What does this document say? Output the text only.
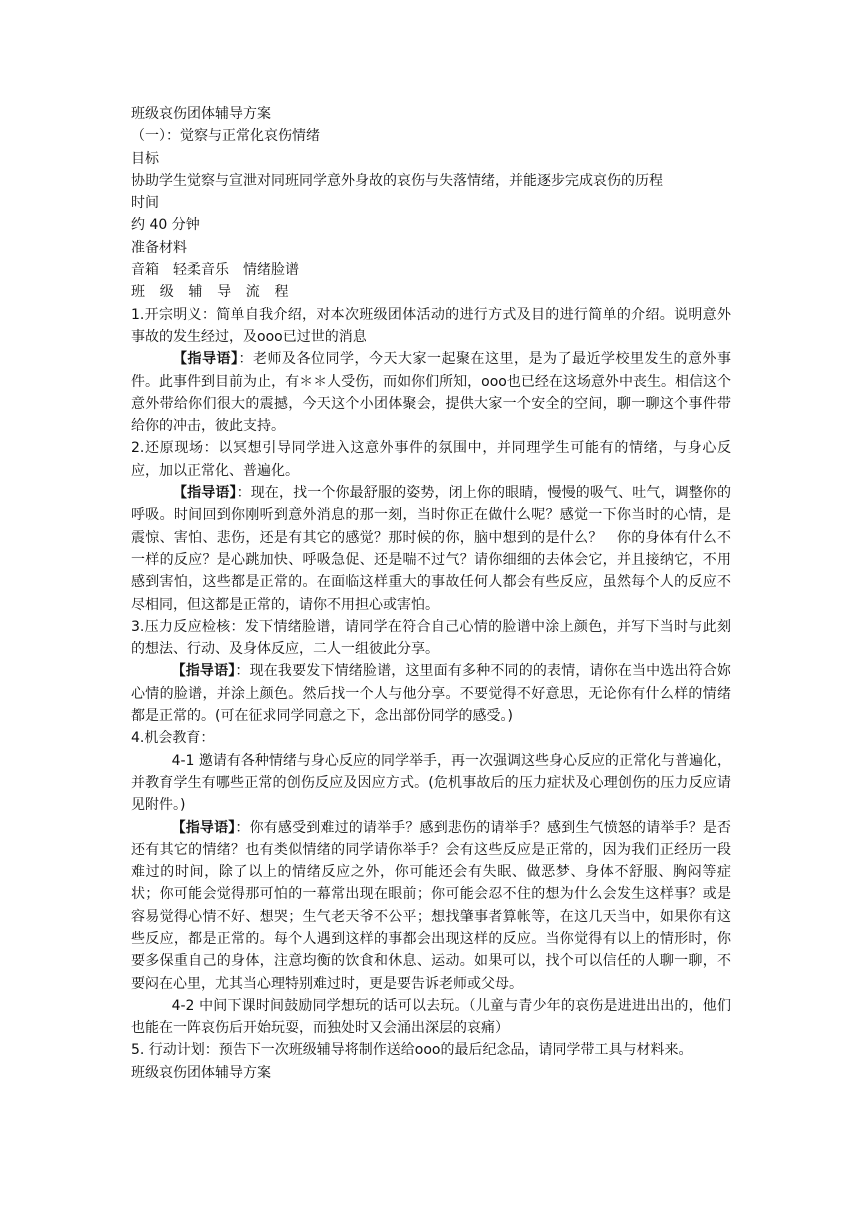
班级哀伤团体辅导方案

（一）：觉察与正常化哀伤情绪

目标

协助学生觉察与宣泄对同班同学意外身故的哀伤与失落情绪，并能逐步完成哀伤的历程

时间

约 40 分钟

准备材料

音箱　轻柔音乐　情绪脸谱

班级辅导流程

1.开宗明义：简单自我介绍，对本次班级团体活动的进行方式及目的进行简单的介绍。说明意外事故的发生经过，及ooo已过世的消息

【指导语】：老师及各位同学，今天大家一起聚在这里，是为了最近学校里发生的意外事件。此事件到目前为止，有＊＊人受伤，而如你们所知，ooo也已经在这场意外中丧生。相信这个意外带给你们很大的震撼，今天这个小团体聚会，提供大家一个安全的空间，聊一聊这个事件带给你的冲击，彼此支持。

2.还原现场：以冥想引导同学进入这意外事件的氛围中，并同理学生可能有的情绪，与身心反应，加以正常化、普遍化。

【指导语】：现在，找一个你最舒服的姿势，闭上你的眼睛，慢慢的吸气、吐气，调整你的呼吸。时间回到你刚听到意外消息的那一刻，当时你正在做什么呢？感觉一下你当时的心情，是震惊、害怕、悲伤，还是有其它的感觉？那时候的你，脑中想到的是什么？　你的身体有什么不一样的反应？是心跳加快、呼吸急促、还是喘不过气？请你细细的去体会它，并且接纳它，不用感到害怕，这些都是正常的。在面临这样重大的事故任何人都会有些反应，虽然每个人的反应不尽相同，但这都是正常的，请你不用担心或害怕。

3.压力反应检核：发下情绪脸谱，请同学在符合自己心情的脸谱中涂上颜色，并写下当时与此刻的想法、行动、及身体反应，二人一组彼此分享。

【指导语】：现在我要发下情绪脸谱，这里面有多种不同的的表情，请你在当中选出符合妳心情的脸谱，并涂上颜色。然后找一个人与他分享。不要觉得不好意思，无论你有什么样的情绪都是正常的。(可在征求同学同意之下，念出部份同学的感受。)

4.机会教育：

4-1 邀请有各种情绪与身心反应的同学举手，再一次强调这些身心反应的正常化与普遍化，并教育学生有哪些正常的创伤反应及因应方式。(危机事故后的压力症状及心理创伤的压力反应请见附件。)

【指导语】：你有感受到难过的请举手？感到悲伤的请举手？感到生气愤怒的请举手？是否还有其它的情绪？也有类似情绪的同学请你举手？会有这些反应是正常的，因为我们正经历一段难过的时间，除了以上的情绪反应之外，你可能还会有失眠、做恶梦、身体不舒服、胸闷等症状；你可能会觉得那可怕的一幕常出现在眼前；你可能会忍不住的想为什么会发生这样事？或是容易觉得心情不好、想哭；生气老天爷不公平；想找肇事者算帐等，在这几天当中，如果你有这些反应，都是正常的。每个人遇到这样的事都会出现这样的反应。当你觉得有以上的情形时，你要多保重自己的身体，注意均衡的饮食和休息、运动。如果可以，找个可以信任的人聊一聊，不要闷在心里，尤其当心理特别难过时，更是要告诉老师或父母。

4-2 中间下课时间鼓励同学想玩的话可以去玩。（儿童与青少年的哀伤是进进出出的，他们也能在一阵哀伤后开始玩耍，而独处时又会涌出深层的哀痛）

5. 行动计划：预告下一次班级辅导将制作送给ooo的最后纪念品，请同学带工具与材料来。

班级哀伤团体辅导方案
